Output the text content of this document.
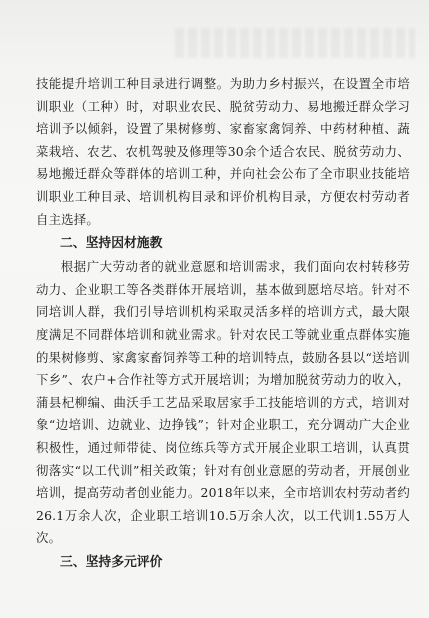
技能提升培训工种目录进行调整。为助力乡村振兴，在设置全市培训职业（工种）时，对职业农民、脱贫劳动力、易地搬迁群众学习培训予以倾斜，设置了果树修剪、家畜家禽饲养、中药材种植、蔬菜栽培、农艺、农机驾驶及修理等30余个适合农民、脱贫劳动力、易地搬迁群众等群体的培训工种，并向社会公布了全市职业技能培训职业工种目录、培训机构目录和评价机构目录，方便农村劳动者自主选择。

二、坚持因材施教

根据广大劳动者的就业意愿和培训需求，我们面向农村转移劳动力、企业职工等各类群体开展培训，基本做到愿培尽培。针对不同培训人群，我们引导培训机构采取灵活多样的培训方式，最大限度满足不同群体培训和就业需求。针对农民工等就业重点群体实施的果树修剪、家禽家畜饲养等工种的培训特点，鼓励各县以“送培训下乡”、农户+合作社等方式开展培训；为增加脱贫劳动力的收入，蒲县杞柳编、曲沃手工艺品采取居家手工技能培训的方式，培训对象“边培训、边就业、边挣钱”；针对企业职工，充分调动广大企业积极性，通过师带徒、岗位练兵等方式开展企业职工培训，认真贯彻落实“以工代训”相关政策；针对有创业意愿的劳动者，开展创业培训，提高劳动者创业能力。2018年以来，全市培训农村劳动者约26.1万余人次，企业职工培训10.5万余人次，以工代训1.55万人次。

三、坚持多元评价
